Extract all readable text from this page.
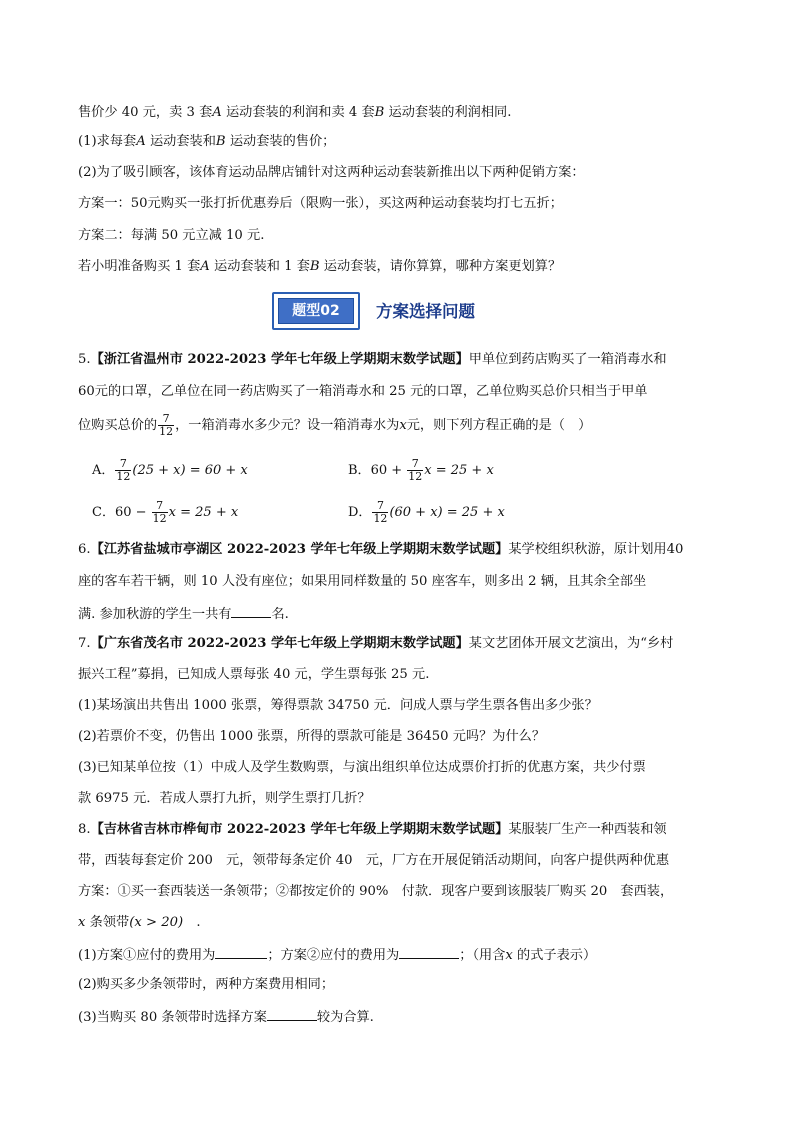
售价少 40 元，卖 3 套A 运动套装的利润和卖 4 套B 运动套装的利润相同.
(1)求每套A 运动套装和B 运动套装的售价；
(2)为了吸引顾客，该体育运动品牌店铺针对这两种运动套装新推出以下两种促销方案：
方案一：50元购买一张打折优惠券后（限购一张），买这两种运动套装均打七五折；
方案二：每满 50 元立减 10 元.
若小明准备购买 1 套A 运动套装和 1 套B 运动套装，请你算算，哪种方案更划算？
题型02	方案选择问题
5.【浙江省温州市 2022-2023 学年七年级上学期期末数学试题】甲单位到药店购买了一箱消毒水和
60元的口罩，乙单位在同一药店购买了一箱消毒水和 25 元的口罩，乙单位购买总价只相当于甲单
位购买总价的 $\frac{7}{12}$ ，一箱消毒水多少元？设一箱消毒水为x元，则下列方程正确的是（　）
A． $\frac{7}{12} (25 + x) = 60 + x$	B．$60 + \frac{7}{12}$ x = 25 + x
C．$60 - \frac{7}{12}$ x = 25 + x	D． $\frac{7}{12} (60 + x) = 25 + x$
6.【江苏省盐城市亭湖区 2022-2023 学年七年级上学期期末数学试题】某学校组织秋游，原计划用40
座的客车若干辆，则 10 人没有座位；如果用同样数量的 50 座客车，则多出 2 辆，且其余全部坐
满. 参加秋游的学生一共有	名.
7.【广东省茂名市 2022-2023 学年七年级上学期期末数学试题】某文艺团体开展文艺演出，为“乡村
振兴工程”募捐，已知成人票每张 40 元，学生票每张 25 元.
(1)某场演出共售出 1000 张票，筹得票款 34750 元．问成人票与学生票各售出多少张？
(2)若票价不变，仍售出 1000 张票，所得的票款可能是 36450 元吗？为什么？
(3)已知某单位按（1）中成人及学生数购票，与演出组织单位达成票价打折的优惠方案，共少付票
款 6975 元．若成人票打九折，则学生票打几折？
8.【吉林省吉林市桦甸市 2022-2023 学年七年级上学期期末数学试题】某服装厂生产一种西装和领
带，西装每套定价 200　元，领带每条定价 40　元，厂方在开展促销活动期间，向客户提供两种优惠
方案：①买一套西装送一条领带；②都按定价的 90%　付款．现客户要到该服装厂购买 20　套西装，
x 条领带(x > 20)　.
(1)方案①应付的费用为	；方案②应付的费用为	；（用含x 的式子表示）
(2)购买多少条领带时，两种方案费用相同；
(3)当购买 80 条领带时选择方案	较为合算.
